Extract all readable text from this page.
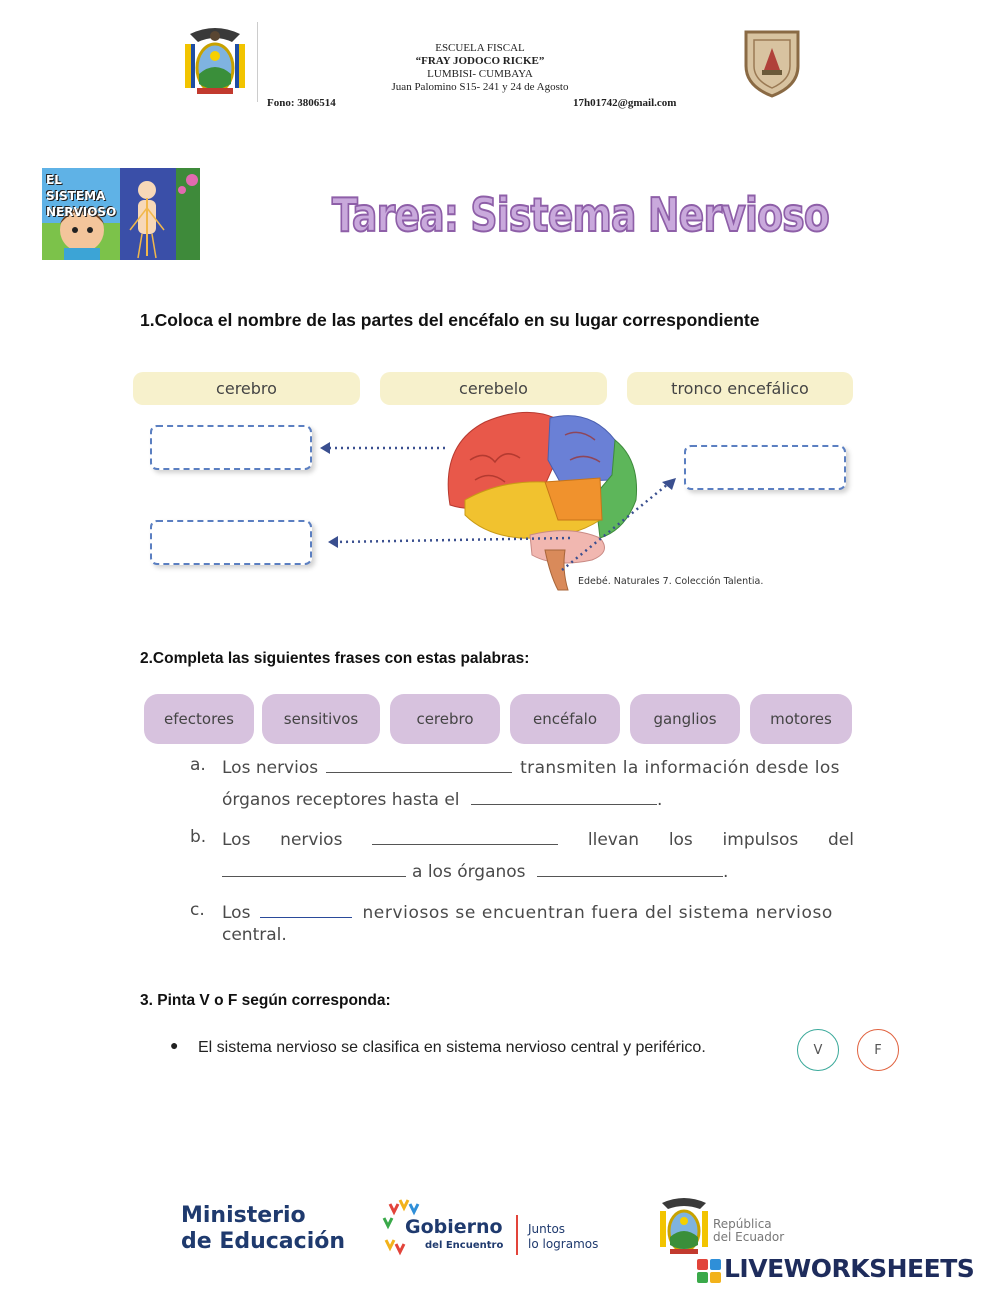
ESCUELA FISCAL
“FRAY JODOCO RICKE”
LUMBISI- CUMBAYA
Juan Palomino S15- 241 y 24 de Agosto
Fono: 3806514	17h01742@gmail.com
EL SISTEMA NERVIOSO	Tarea: Sistema Nervioso
1.Coloca el nombre de las partes del encéfalo en su lugar correspondiente
cerebro	cerebelo	tronco encefálico
Edebé. Naturales 7. Colección Talentia.
2.Completa las siguientes frases con estas palabras:
efectores	sensitivos	cerebro	encéfalo	ganglios	motores
a. Los nervios	transmiten la información desde los
órganos receptores hasta el	.
b. Los nervios	llevan los impulsos del
a los órganos	.
c. Los	nerviosos se encuentran fuera del sistema nervioso
central.
3. Pinta V o F según corresponda:
● El sistema nervioso se clasifica en sistema nervioso central y periférico.	V	F
Ministerio
de Educación
Gobierno
del Encuentro
Juntos
lo logramos
República
del Ecuador
LIVEWORKSHEETS
